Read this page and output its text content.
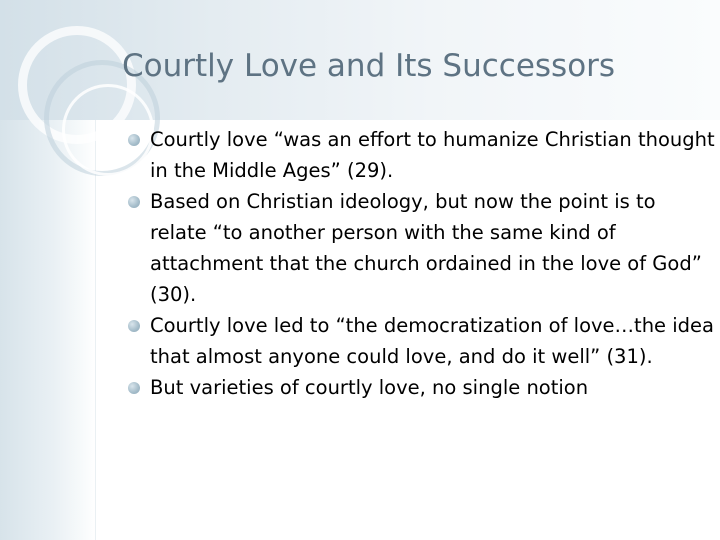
Courtly Love and Its Successors
Courtly love “was an effort to humanize Christian thought in the Middle Ages” (29).
Based on Christian ideology, but now the point is to relate “to another person with the same kind of attachment that the church ordained in the love of God” (30).
Courtly love led to “the democratization of love…the idea that almost anyone could love, and do it well” (31).
But varieties of courtly love, no single notion
